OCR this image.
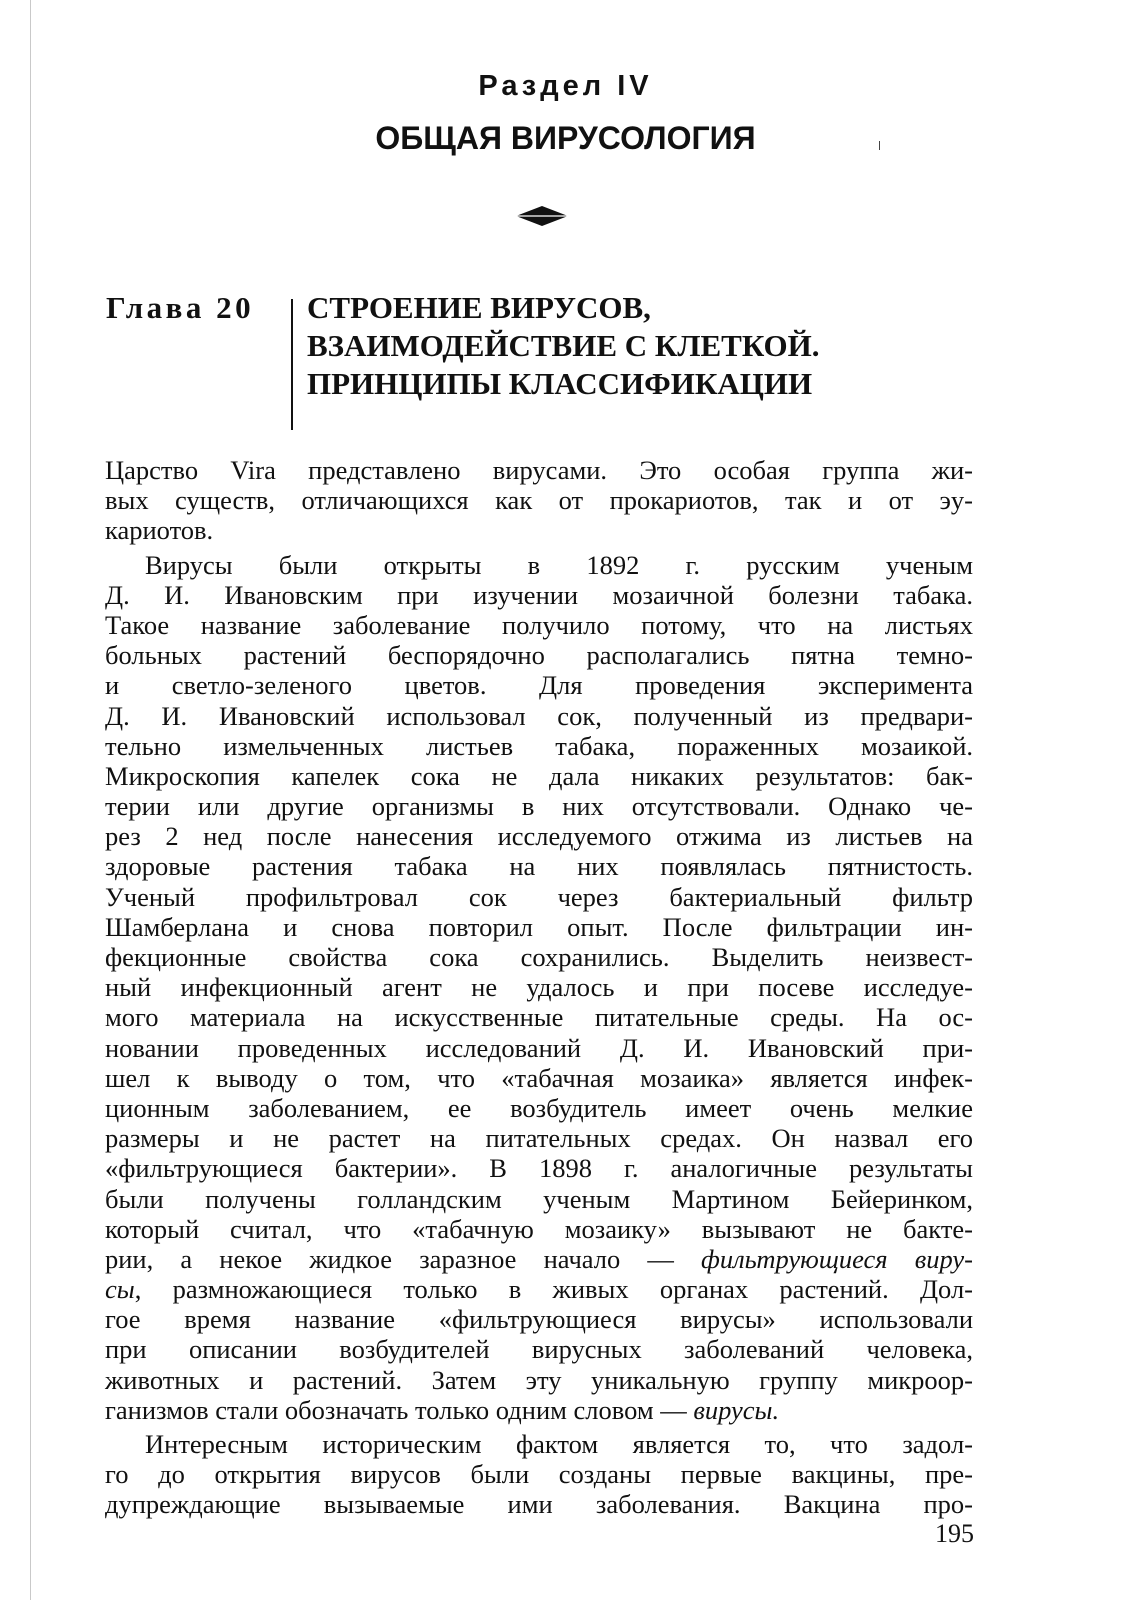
Раздел IV
ОБЩАЯ ВИРУСОЛОГИЯ
Глава 20 СТРОЕНИЕ ВИРУСОВ,
ВЗАИМОДЕЙСТВИЕ С КЛЕТКОЙ.
ПРИНЦИПЫ КЛАССИФИКАЦИИ
Царство Vira представлено вирусами. Это особая группа жи-
вых существ, отличающихся как от прокариотов, так и от эу-
кариотов.
Вирусы были открыты в 1892 г. русским ученым
Д. И. Ивановским при изучении мозаичной болезни табака.
Такое название заболевание получило потому, что на листьях
больных растений беспорядочно располагались пятна темно-
и светло-зеленого цветов. Для проведения эксперимента
Д. И. Ивановский использовал сок, полученный из предвари-
тельно измельченных листьев табака, пораженных мозаикой.
Микроскопия капелек сока не дала никаких результатов: бак-
терии или другие организмы в них отсутствовали. Однако че-
рез 2 нед после нанесения исследуемого отжима из листьев на
здоровые растения табака на них появлялась пятнистость.
Ученый профильтровал сок через бактериальный фильтр
Шамберлана и снова повторил опыт. После фильтрации ин-
фекционные свойства сока сохранились. Выделить неизвест-
ный инфекционный агент не удалось и при посеве исследуе-
мого материала на искусственные питательные среды. На ос-
новании проведенных исследований Д. И. Ивановский при-
шел к выводу о том, что «табачная мозаика» является инфек-
ционным заболеванием, ее возбудитель имеет очень мелкие
размеры и не растет на питательных средах. Он назвал его
«фильтрующиеся бактерии». В 1898 г. аналогичные результаты
были получены голландским ученым Мартином Бейеринком,
который считал, что «табачную мозаику» вызывают не бакте-
рии, а некое жидкое заразное начало — фильтрующиеся виру-
сы, размножающиеся только в живых органах растений. Дол-
гое время название «фильтрующиеся вирусы» использовали
при описании возбудителей вирусных заболеваний человека,
животных и растений. Затем эту уникальную группу микроор-
ганизмов стали обозначать только одним словом — вирусы.
Интересным историческим фактом является то, что задол-
го до открытия вирусов были созданы первые вакцины, пре-
дупреждающие вызываемые ими заболевания. Вакцина про-
195
